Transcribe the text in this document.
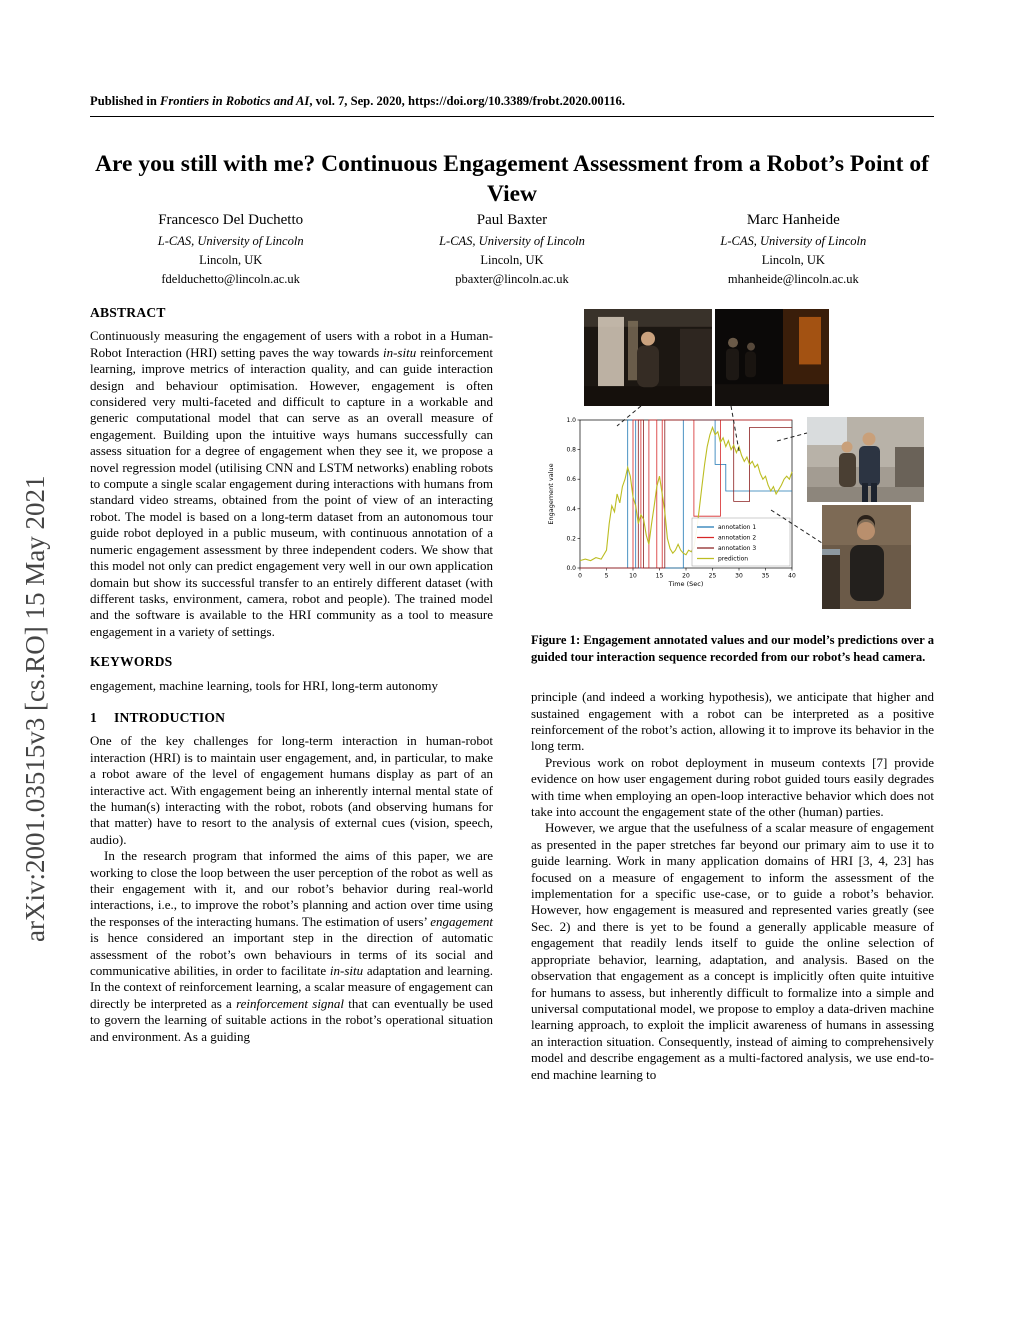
arXiv:2001.03515v3 [cs.RO] 15 May 2021
Published in Frontiers in Robotics and AI, vol. 7, Sep. 2020, https://doi.org/10.3389/frobt.2020.00116.
Are you still with me? Continuous Engagement Assessment from a Robot’s Point of View
Francesco Del Duchetto
L-CAS, University of Lincoln
Lincoln, UK
fdelduchetto@lincoln.ac.uk
Paul Baxter
L-CAS, University of Lincoln
Lincoln, UK
pbaxter@lincoln.ac.uk
Marc Hanheide
L-CAS, University of Lincoln
Lincoln, UK
mhanheide@lincoln.ac.uk
ABSTRACT

Continuously measuring the engagement of users with a robot in a Human-Robot Interaction (HRI) setting paves the way towards in-situ reinforcement learning, improve metrics of interaction quality, and can guide interaction design and behaviour optimisation. However, engagement is often considered very multi-faceted and difficult to capture in a workable and generic computational model that can serve as an overall measure of engagement. Building upon the intuitive ways humans successfully can assess situation for a degree of engagement when they see it, we propose a novel regression model (utilising CNN and LSTM networks) enabling robots to compute a single scalar engagement during interactions with humans from standard video streams, obtained from the point of view of an interacting robot. The model is based on a long-term dataset from an autonomous tour guide robot deployed in a public museum, with continuous annotation of a numeric engagement assessment by three independent coders. We show that this model not only can predict engagement very well in our own application domain but show its successful transfer to an entirely different dataset (with different tasks, environment, camera, robot and people). The trained model and the software is available to the HRI community as a tool to measure engagement in a variety of settings.

KEYWORDS

engagement, machine learning, tools for HRI, long-term autonomy

1 INTRODUCTION

One of the key challenges for long-term interaction in human-robot interaction (HRI) is to maintain user engagement, and, in particular, to make a robot aware of the level of engagement humans display as part of an interactive act. With engagement being an inherently internal mental state of the human(s) interacting with the robot, robots (and observing humans for that matter) have to resort to the analysis of external cues (vision, speech, audio).

In the research program that informed the aims of this paper, we are working to close the loop between the user perception of the robot as well as their engagement with it, and our robot’s behavior during real-world interactions, i.e., to improve the robot’s planning and action over time using the responses of the interacting humans. The estimation of users’ engagement is hence considered an important step in the direction of automatic assessment of the robot’s own behaviours in terms of its social and communicative abilities, in order to facilitate in-situ adaptation and learning. In the context of reinforcement learning, a scalar measure of engagement can directly be interpreted as a reinforcement signal that can eventually be used to govern the learning of suitable actions in the robot’s operational situation and environment. As a guiding

0.0
0.2
0.4
0.6
0.8
1.0
0	5	10	15	20	25	30	35	40
Time (Sec)
Engagement value
annotation 1
annotation 2
annotation 3
prediction
Figure 1: Engagement annotated values and our model’s predictions over a guided tour interaction sequence recorded from our robot’s head camera.

principle (and indeed a working hypothesis), we anticipate that higher and sustained engagement with a robot can be interpreted as a positive reinforcement of the robot’s action, allowing it to improve its behavior in the long term.

Previous work on robot deployment in museum contexts [7] provide evidence on how user engagement during robot guided tours easily degrades with time when employing an open-loop interactive behavior which does not take into account the engagement state of the other (human) parties.

However, we argue that the usefulness of a scalar measure of engagement as presented in the paper stretches far beyond our primary aim to use it to guide learning. Work in many application domains of HRI [3, 4, 23] has focused on a measure of engagement to inform the assessment of the implementation for a specific use-case, or to guide a robot’s behavior. However, how engagement is measured and represented varies greatly (see Sec. 2) and there is yet to be found a generally applicable measure of engagement that readily lends itself to guide the online selection of appropriate behavior, learning, adaptation, and analysis. Based on the observation that engagement as a concept is implicitly often quite intuitive for humans to assess, but inherently difficult to formalize into a simple and universal computational model, we propose to employ a data-driven machine learning approach, to exploit the implicit awareness of humans in assessing an interaction situation. Consequently, instead of aiming to comprehensively model and describe engagement as a multi-factored analysis, we use end-to-end machine learning to
